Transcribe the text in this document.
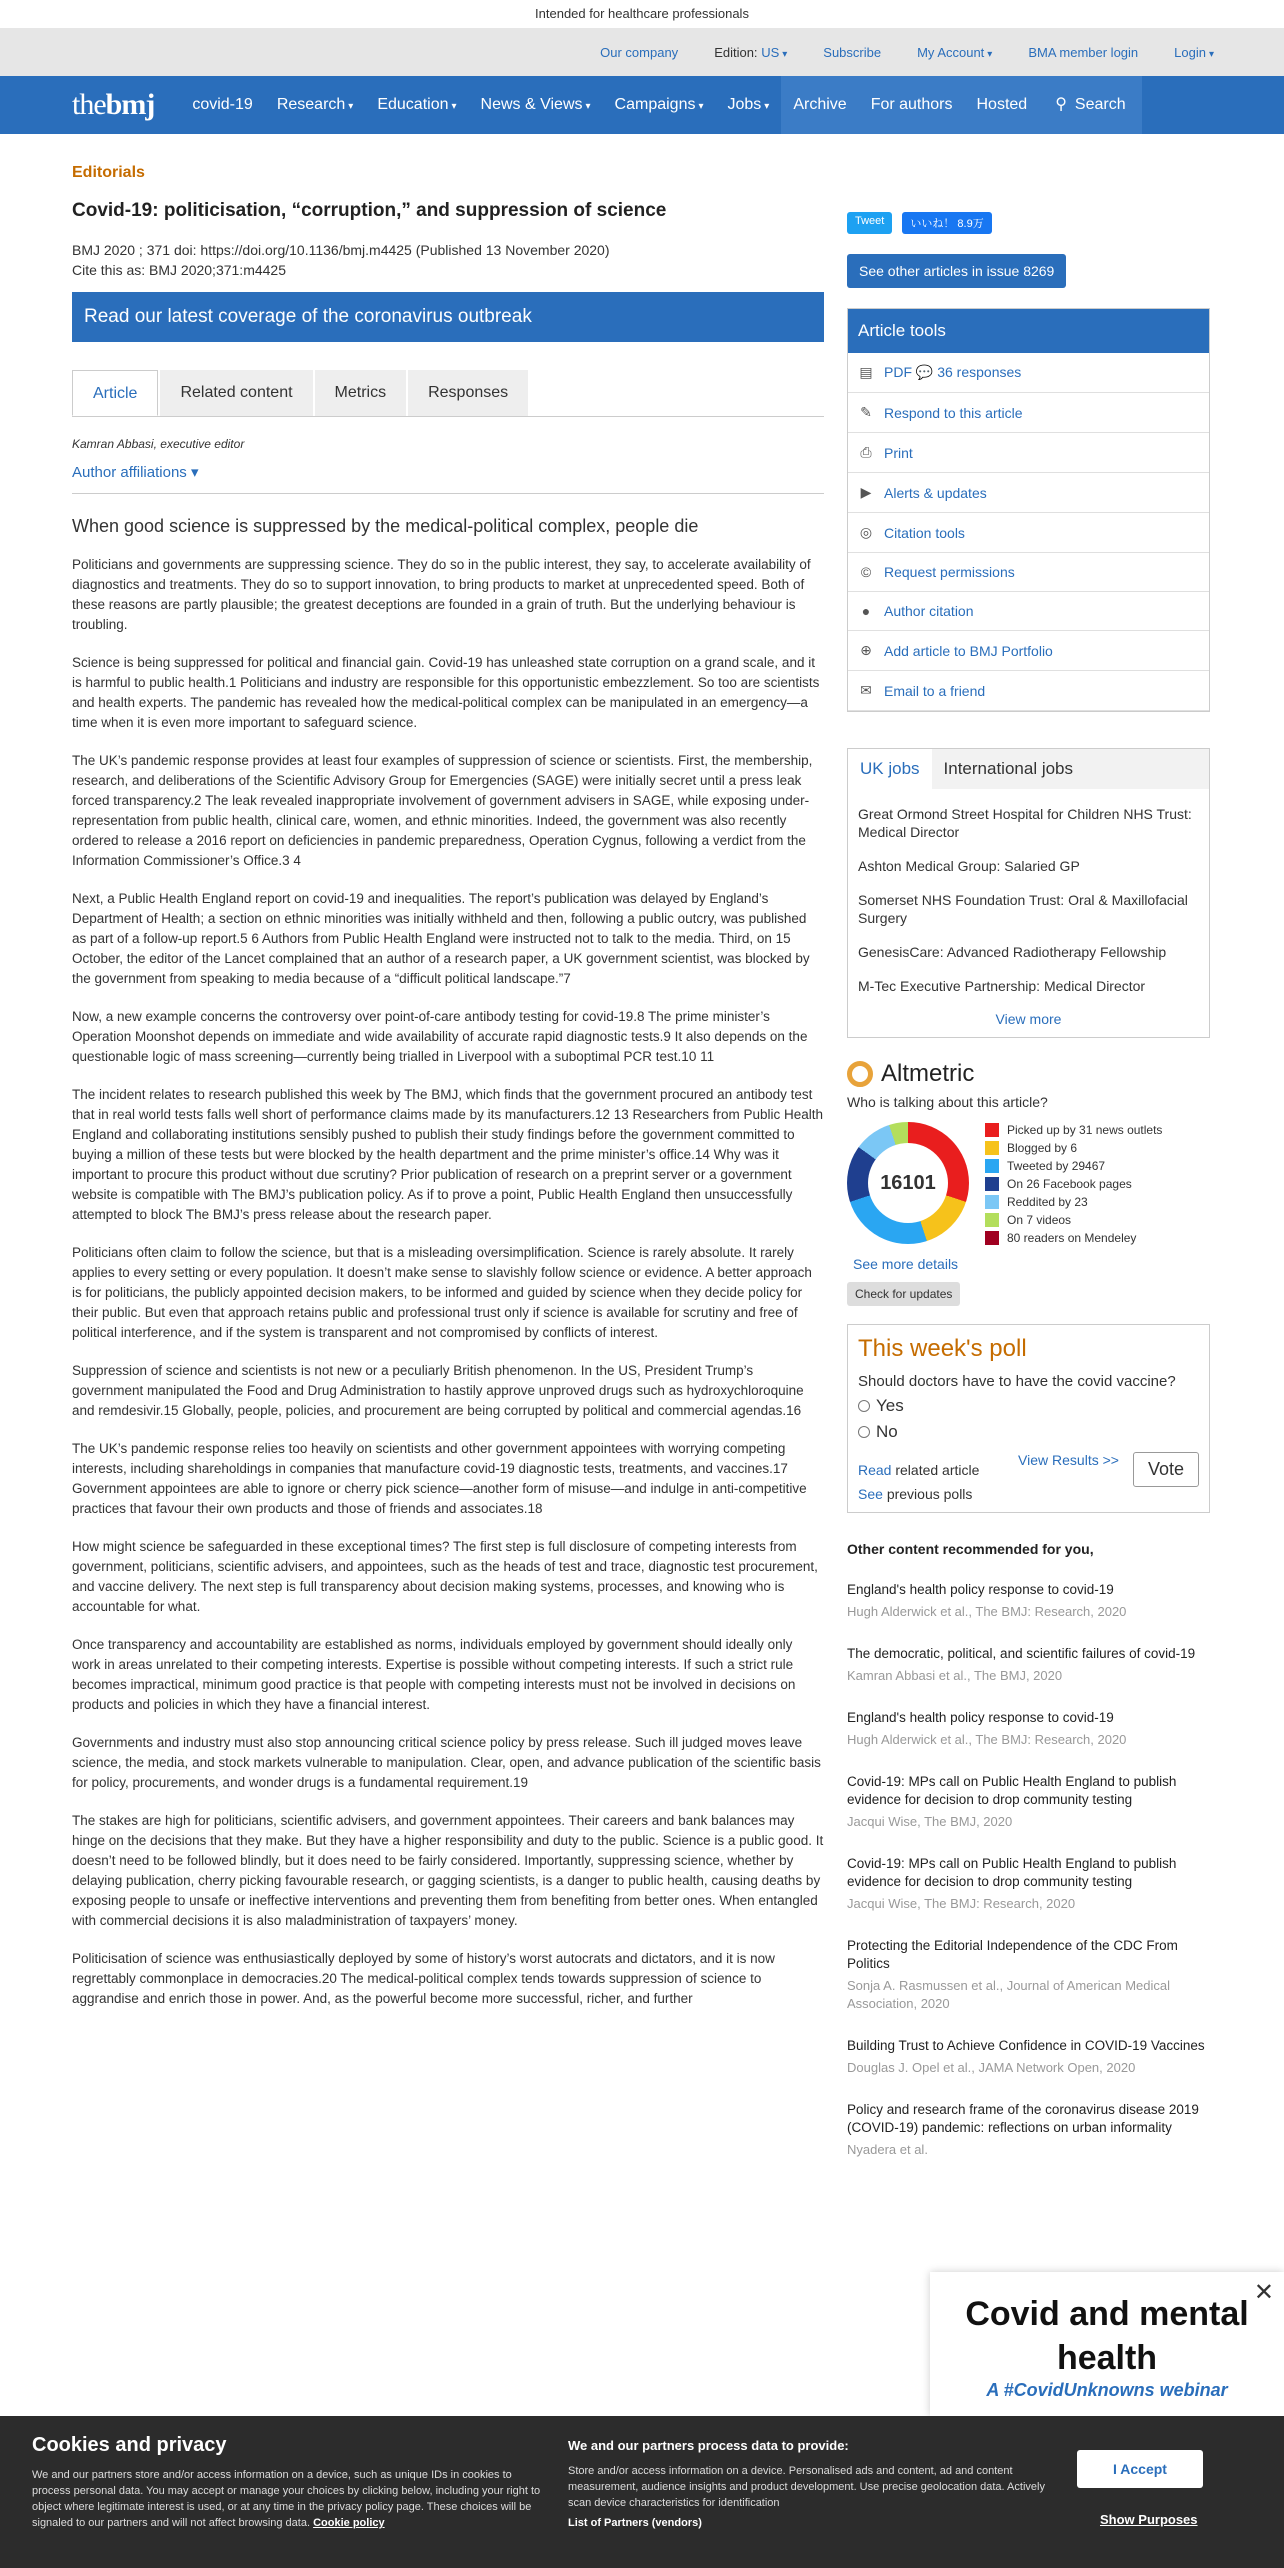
Intended for healthcare professionals
Our company	Edition: US ▾	Subscribe	My Account ▾	BMA member login	Login ▾
thebmj	covid-19	Research ▾	Education ▾	News & Views ▾	Campaigns ▾	Jobs ▾	Archive	For authors	Hosted	⚲ Search
Editorials
Covid-19: politicisation, “corruption,” and suppression of science
BMJ 2020 ; 371 doi: https://doi.org/10.1136/bmj.m4425 (Published 13 November 2020)
Cite this as: BMJ 2020;371:m4425
Read our latest coverage of the coronavirus outbreak
Article	Related content	Metrics	Responses
Kamran Abbasi, executive editor
Author affiliations ▾
When good science is suppressed by the medical-political complex, people die

Politicians and governments are suppressing science. They do so in the public interest, they say, to accelerate availability of diagnostics and treatments. They do so to support innovation, to bring products to market at unprecedented speed. Both of these reasons are partly plausible; the greatest deceptions are founded in a grain of truth. But the underlying behaviour is troubling.

Science is being suppressed for political and financial gain. Covid-19 has unleashed state corruption on a grand scale, and it is harmful to public health.1 Politicians and industry are responsible for this opportunistic embezzlement. So too are scientists and health experts. The pandemic has revealed how the medical-political complex can be manipulated in an emergency—a time when it is even more important to safeguard science.

The UK’s pandemic response provides at least four examples of suppression of science or scientists. First, the membership, research, and deliberations of the Scientific Advisory Group for Emergencies (SAGE) were initially secret until a press leak forced transparency.2 The leak revealed inappropriate involvement of government advisers in SAGE, while exposing under-representation from public health, clinical care, women, and ethnic minorities. Indeed, the government was also recently ordered to release a 2016 report on deficiencies in pandemic preparedness, Operation Cygnus, following a verdict from the Information Commissioner’s Office.3 4

Next, a Public Health England report on covid-19 and inequalities. The report’s publication was delayed by England’s Department of Health; a section on ethnic minorities was initially withheld and then, following a public outcry, was published as part of a follow-up report.5 6 Authors from Public Health England were instructed not to talk to the media. Third, on 15 October, the editor of the Lancet complained that an author of a research paper, a UK government scientist, was blocked by the government from speaking to media because of a “difficult political landscape.”7

Now, a new example concerns the controversy over point-of-care antibody testing for covid-19.8 The prime minister’s Operation Moonshot depends on immediate and wide availability of accurate rapid diagnostic tests.9 It also depends on the questionable logic of mass screening—currently being trialled in Liverpool with a suboptimal PCR test.10 11

The incident relates to research published this week by The BMJ, which finds that the government procured an antibody test that in real world tests falls well short of performance claims made by its manufacturers.12 13 Researchers from Public Health England and collaborating institutions sensibly pushed to publish their study findings before the government committed to buying a million of these tests but were blocked by the health department and the prime minister’s office.14 Why was it important to procure this product without due scrutiny? Prior publication of research on a preprint server or a government website is compatible with The BMJ’s publication policy. As if to prove a point, Public Health England then unsuccessfully attempted to block The BMJ’s press release about the research paper.

Politicians often claim to follow the science, but that is a misleading oversimplification. Science is rarely absolute. It rarely applies to every setting or every population. It doesn’t make sense to slavishly follow science or evidence. A better approach is for politicians, the publicly appointed decision makers, to be informed and guided by science when they decide policy for their public. But even that approach retains public and professional trust only if science is available for scrutiny and free of political interference, and if the system is transparent and not compromised by conflicts of interest.

Suppression of science and scientists is not new or a peculiarly British phenomenon. In the US, President Trump’s government manipulated the Food and Drug Administration to hastily approve unproved drugs such as hydroxychloroquine and remdesivir.15 Globally, people, policies, and procurement are being corrupted by political and commercial agendas.16

The UK’s pandemic response relies too heavily on scientists and other government appointees with worrying competing interests, including shareholdings in companies that manufacture covid-19 diagnostic tests, treatments, and vaccines.17 Government appointees are able to ignore or cherry pick science—another form of misuse—and indulge in anti-competitive practices that favour their own products and those of friends and associates.18

How might science be safeguarded in these exceptional times? The first step is full disclosure of competing interests from government, politicians, scientific advisers, and appointees, such as the heads of test and trace, diagnostic test procurement, and vaccine delivery. The next step is full transparency about decision making systems, processes, and knowing who is accountable for what.

Once transparency and accountability are established as norms, individuals employed by government should ideally only work in areas unrelated to their competing interests. Expertise is possible without competing interests. If such a strict rule becomes impractical, minimum good practice is that people with competing interests must not be involved in decisions on products and policies in which they have a financial interest.

Governments and industry must also stop announcing critical science policy by press release. Such ill judged moves leave science, the media, and stock markets vulnerable to manipulation. Clear, open, and advance publication of the scientific basis for policy, procurements, and wonder drugs is a fundamental requirement.19

The stakes are high for politicians, scientific advisers, and government appointees. Their careers and bank balances may hinge on the decisions that they make. But they have a higher responsibility and duty to the public. Science is a public good. It doesn’t need to be followed blindly, but it does need to be fairly considered. Importantly, suppressing science, whether by delaying publication, cherry picking favourable research, or gagging scientists, is a danger to public health, causing deaths by exposing people to unsafe or ineffective interventions and preventing them from benefiting from better ones. When entangled with commercial decisions it is also maladministration of taxpayers’ money.

Politicisation of science was enthusiastically deployed by some of history’s worst autocrats and dictators, and it is now regrettably commonplace in democracies.20 The medical-political complex tends towards suppression of science to aggrandise and enrich those in power. And, as the powerful become more successful, richer, and further

Tweet	いいね！ 8.9万
See other articles in issue 8269
Article tools
▤ PDF 💬 36 responses
✎ Respond to this article
⎙ Print
▶ Alerts & updates
◎ Citation tools
© Request permissions
● Author citation
⊕ Add article to BMJ Portfolio
✉ Email to a friend
UK jobs	International jobs
Great Ormond Street Hospital for Children NHS Trust: Medical Director
Ashton Medical Group: Salaried GP
Somerset NHS Foundation Trust: Oral & Maxillofacial Surgery
GenesisCare: Advanced Radiotherapy Fellowship
M-Tec Executive Partnership: Medical Director
View more
Altmetric
Who is talking about this article?
16101
Picked up by 31 news outlets
Blogged by 6
Tweeted by 29467
On 26 Facebook pages
Reddited by 23
On 7 videos
80 readers on Mendeley
See more details
Check for updates
This week's poll
Should doctors have to have the covid vaccine?
Yes
No
Read related article
See previous polls
View Results >>	Vote
Other content recommended for you,
England's health policy response to covid-19
Hugh Alderwick et al., The BMJ: Research, 2020
The democratic, political, and scientific failures of covid-19
Kamran Abbasi et al., The BMJ, 2020
England's health policy response to covid-19
Hugh Alderwick et al., The BMJ: Research, 2020
Covid-19: MPs call on Public Health England to publish evidence for decision to drop community testing
Jacqui Wise, The BMJ, 2020
Covid-19: MPs call on Public Health England to publish evidence for decision to drop community testing
Jacqui Wise, The BMJ: Research, 2020
Protecting the Editorial Independence of the CDC From Politics
Sonja A. Rasmussen et al., Journal of American Medical Association, 2020
Building Trust to Achieve Confidence in COVID-19 Vaccines
Douglas J. Opel et al., JAMA Network Open, 2020
Policy and research frame of the coronavirus disease 2019 (COVID-19) pandemic: reflections on urban informality
Nyadera et al.
✕
Covid and mental health
A #CovidUnknowns webinar
Cookies and privacy

We and our partners store and/or access information on a device, such as unique IDs in cookies to process personal data. You may accept or manage your choices by clicking below, including your right to object where legitimate interest is used, or at any time in the privacy policy page. These choices will be signaled to our partners and will not affect browsing data. Cookie policy

We and our partners process data to provide:

Store and/or access information on a device. Personalised ads and content, ad and content measurement, audience insights and product development. Use precise geolocation data. Actively scan device characteristics for identification

List of Partners (vendors)

I Accept
Show Purposes
